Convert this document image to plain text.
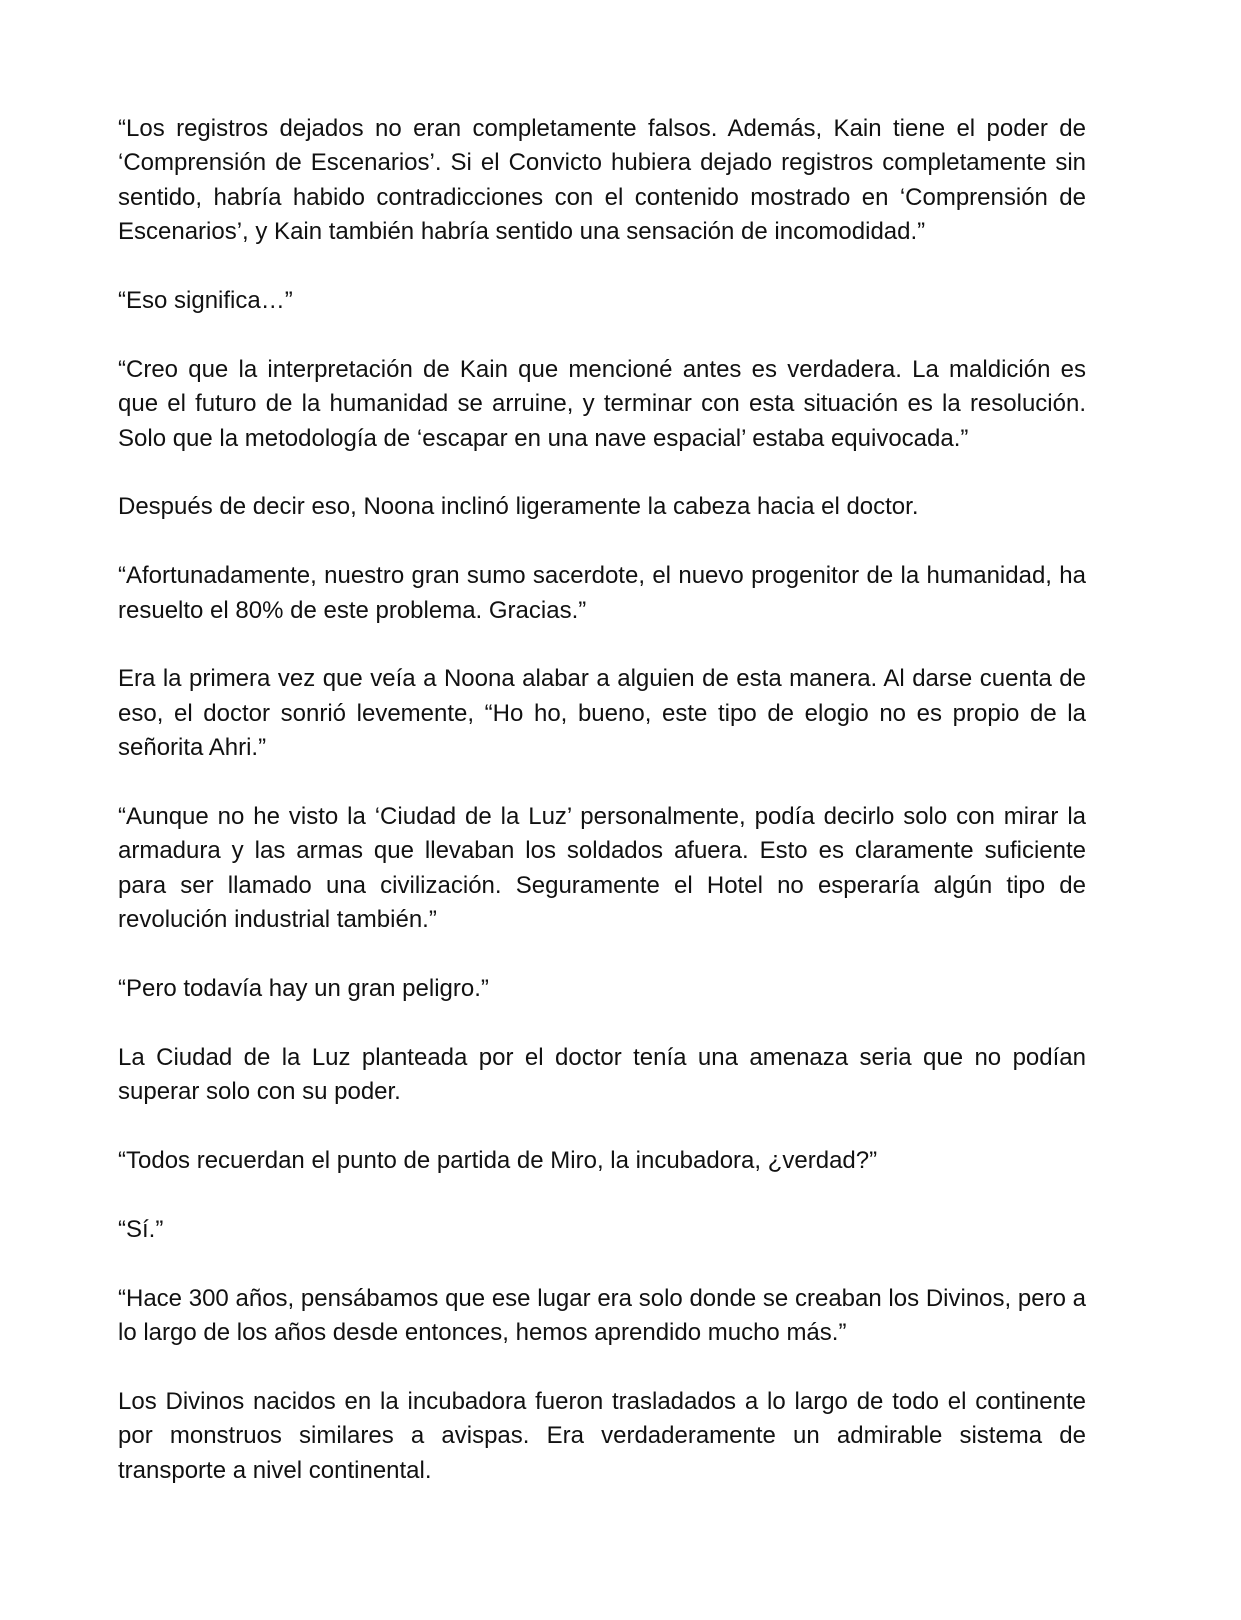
“Los registros dejados no eran completamente falsos. Además, Kain tiene el poder de ‘Comprensión de Escenarios’. Si el Convicto hubiera dejado registros completamente sin sentido, habría habido contradicciones con el contenido mostrado en ‘Comprensión de Escenarios’, y Kain también habría sentido una sensación de incomodidad.”

“Eso significa…”

“Creo que la interpretación de Kain que mencioné antes es verdadera. La maldición es que el futuro de la humanidad se arruine, y terminar con esta situación es la resolución. Solo que la metodología de ‘escapar en una nave espacial’ estaba equivocada.”

Después de decir eso, Noona inclinó ligeramente la cabeza hacia el doctor.

“Afortunadamente, nuestro gran sumo sacerdote, el nuevo progenitor de la humanidad, ha resuelto el 80% de este problema. Gracias.”

Era la primera vez que veía a Noona alabar a alguien de esta manera. Al darse cuenta de eso, el doctor sonrió levemente, “Ho ho, bueno, este tipo de elogio no es propio de la señorita Ahri.”

“Aunque no he visto la ‘Ciudad de la Luz’ personalmente, podía decirlo solo con mirar la armadura y las armas que llevaban los soldados afuera. Esto es claramente suficiente para ser llamado una civilización. Seguramente el Hotel no esperaría algún tipo de revolución industrial también.”

“Pero todavía hay un gran peligro.”

La Ciudad de la Luz planteada por el doctor tenía una amenaza seria que no podían superar solo con su poder.

“Todos recuerdan el punto de partida de Miro, la incubadora, ¿verdad?”

“Sí.”

“Hace 300 años, pensábamos que ese lugar era solo donde se creaban los Divinos, pero a lo largo de los años desde entonces, hemos aprendido mucho más.”

Los Divinos nacidos en la incubadora fueron trasladados a lo largo de todo el continente por monstruos similares a avispas. Era verdaderamente un admirable sistema de transporte a nivel continental.
